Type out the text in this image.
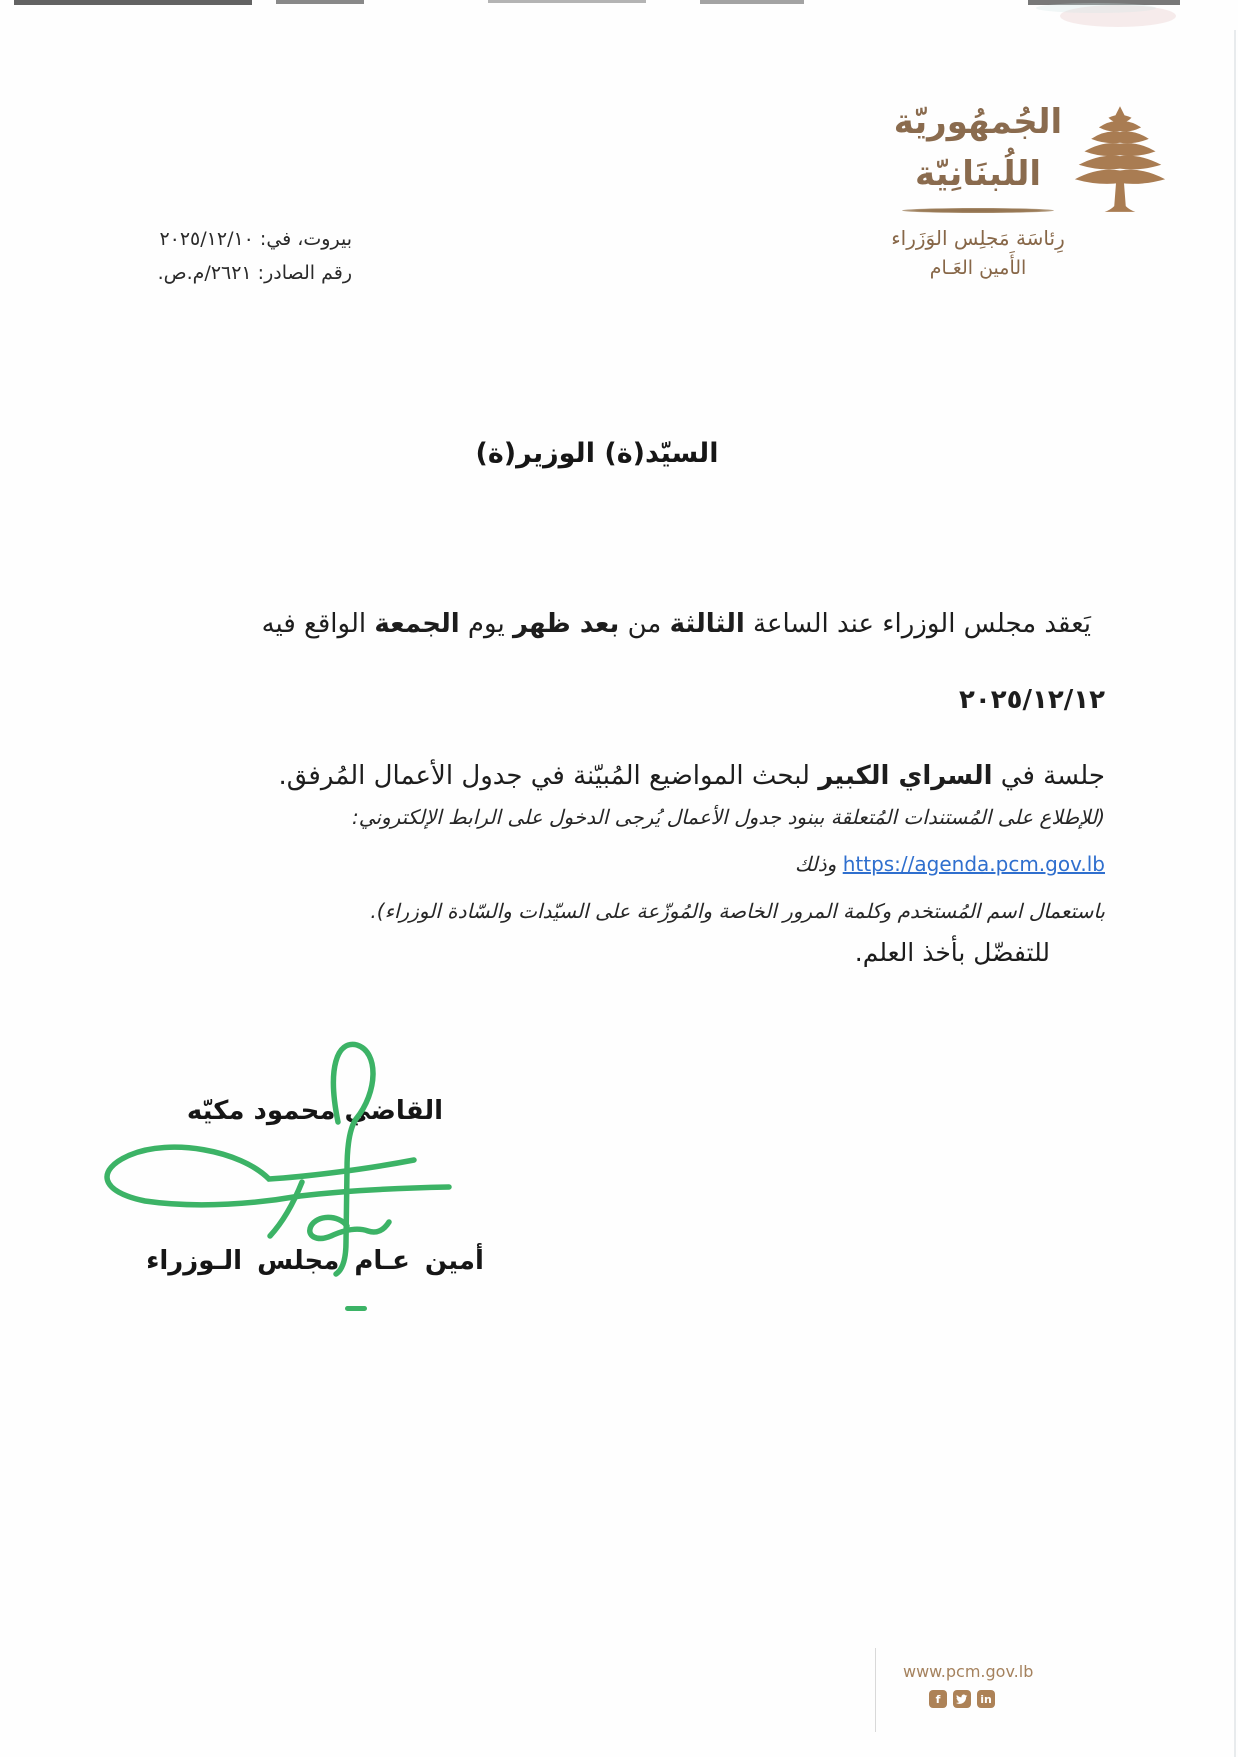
الجُمهُوريّة
اللُبنَانِيّة
رِئاسَة مَجلِس الوَزَراء
الأَمين العَـام
بيروت، في: ٢٠٢٥/١٢/١٠
رقم الصادر: ٢٦٢١/م.ص.
السيّد(ة) الوزير(ة)
يَعقد مجلس الوزراء عند الساعة الثالثة من بعد ظهر يوم الجمعة الواقع فيه ٢٠٢٥/١٢/١٢
جلسة في السراي الكبير لبحث المواضيع المُبيّنة في جدول الأعمال المُرفق.
(للإطلاع على المُستندات المُتعلقة ببنود جدول الأعمال يُرجى الدخول على الرابط الإلكتروني: https://agenda.pcm.gov.lb وذلك
باستعمال اسم المُستخدم وكلمة المرور الخاصة والمُوزّعة على السيّدات والسّادة الوزراء).
للتفضّل بأخذ العلم.
القاضي محمود مكيّه
أمين عـام مجلس الـوزراء
www.pcm.gov.lb
f	in
